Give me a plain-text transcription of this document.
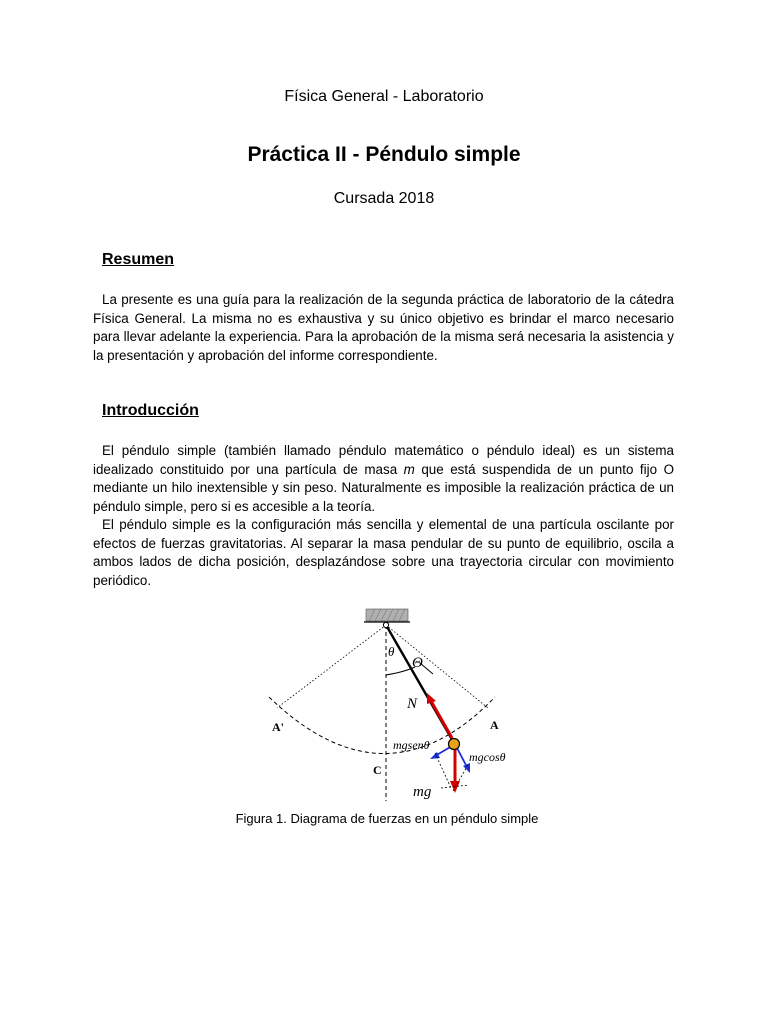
Física General - Laboratorio
Práctica II - Péndulo simple
Cursada 2018
Resumen

La presente es una guía para la realización de la segunda práctica de laboratorio de la cátedra Física General. La misma no es exhaustiva y su único objetivo es brindar el marco necesario para llevar adelante la experiencia. Para la aprobación de la misma será necesaria la asistencia y la presentación y aprobación del informe correspondiente.

Introducción

El péndulo simple (también llamado péndulo matemático o péndulo ideal) es un sistema idealizado constituido por una partícula de masa m que está suspendida de un punto fijo O mediante un hilo inextensible y sin peso. Naturalmente es imposible la realización práctica de un péndulo simple, pero si es accesible a la teoría.

El péndulo simple es la configuración más sencilla y elemental de una partícula oscilante por efectos de fuerzas gravitatorias. Al separar la masa pendular de su punto de equilibrio, oscila a ambos lados de dicha posición, desplazándose sobre una trayectoria circular con movimiento periódico.

θ
Θ
N
A'	A
C
mgsenθ
mgcosθ
mg
Figura 1. Diagrama de fuerzas en un péndulo simple
